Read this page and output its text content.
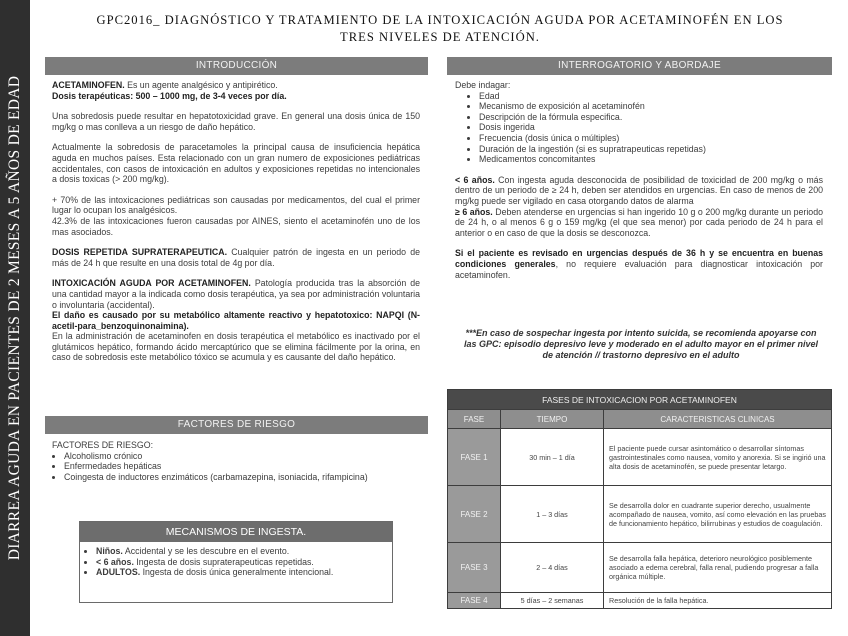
DIARREA AGUDA EN PACIENTES DE 2 MESES A 5 AÑOS DE EDAD
GPC2016_ DIAGNÓSTICO Y TRATAMIENTO DE LA INTOXICACIÓN AGUDA POR ACETAMINOFÉN EN LOS
TRES NIVELES DE ATENCIÓN.
INTRODUCCIÓN

ACETAMINOFEN. Es un agente analgésico y antipirético.
Dosis terapéuticas: 500 – 1000 mg, de 3-4 veces por día.

Una sobredosis puede resultar en hepatotoxicidad grave. En general una dosis única de 150 mg/kg o mas conlleva a un riesgo de daño hepático.

Actualmente la sobredosis de paracetamoles la principal causa de insuficiencia hepática aguda en muchos países. Esta relacionado con un gran numero de exposiciones pediátricas accidentales, con casos de intoxicación en adultos y exposiciones repetidas no intencionales a dosis toxicas (> 200 mg/kg).

+ 70% de las intoxicaciones pediátricas son causadas por medicamentos, del cual el primer lugar lo ocupan los analgésicos.
42.3% de las intoxicaciones fueron causadas por AINES, siento el acetaminofén uno de los mas asociados.

DOSIS REPETIDA SUPRATERAPEUTICA. Cualquier patrón de ingesta en un periodo de más de 24 h que resulte en una dosis total de 4g por día.

INTOXICACIÓN AGUDA POR ACETAMINOFEN. Patología producida tras la absorción de una cantidad mayor a la indicada como dosis terapéutica, ya sea por administración voluntaria o involuntaria (accidental).
El daño es causado por su metabólico altamente reactivo y hepatotoxico: NAPQI (N-acetil-para_benzoquinonaimina).
En la administración de acetaminofen en dosis terapéutica el metabólico es inactivado por el glutámicos hepático, formando ácido mercaptúrico que se elimina fácilmente por la orina, en caso de sobredosis este metabólico tóxico se acumula y es causante del daño hepático.

FACTORES DE RIESGO
FACTORES DE RIESGO:
• Alcoholismo crónico
• Enfermedades hepáticas
• Coingesta de inductores enzimáticos (carbamazepina, isoniacida, rifampicina)
MECANISMOS DE INGESTA.
• Niños. Accidental y se les descubre en el evento.
• < 6 años. Ingesta de dosis supraterapeuticas repetidas.
• ADULTOS. Ingesta de dosis única generalmente intencional.
INTERROGATORIO Y ABORDAJE
Debe indagar:
• Edad
• Mecanismo de exposición al acetaminofén
• Descripción de la fórmula especifica.
• Dosis ingerida
• Frecuencia (dosis única o múltiples)
• Duración de la ingestión (si es supratrapeuticas repetidas)
• Medicamentos concomitantes

< 6 años. Con ingesta aguda desconocida de posibilidad de toxicidad de 200 mg/kg o más dentro de un periodo de ≥ 24 h, deben ser atendidos en urgencias. En caso de menos de 200 mg/kg puede ser vigilado en casa otorgando datos de alarma

≥ 6 años. Deben atenderse en urgencias si han ingerido 10 g o 200 mg/kg durante un periodo de 24 h, o al menos 6 g o 159 mg/kg (el que sea menor) por cada periodo de 24 h para el anterior o en caso de que la dosis se desconozca.

Si el paciente es revisado en urgencias después de 36 h y se encuentra en buenas condiciones generales, no requiere evaluación para diagnosticar intoxicación por acetaminofen.

***En caso de sospechar ingesta por intento suicida, se recomienda apoyarse con las GPC: episodio depresivo leve y moderado en el adulto mayor en el primer nivel de atención // trastorno depresivo en el adulto
FASES DE INTOXICACION POR ACETAMINOFEN		
FASE	TIEMPO	CARACTERISTICAS CLINICAS
FASE 1	30 min – 1 día	El paciente puede cursar asintomático o desarrollar síntomas gastrointestinales como nausea, vomito y anorexia. Si se ingirió una alta dosis de acetaminofén, se puede presentar letargo.
FASE 2	1 – 3 días	Se desarrolla dolor en cuadrante superior derecho, usualmente acompañado de nausea, vomito, así como elevación en las pruebas de funcionamiento hepático, bilirrubinas y estudios de coagulación.
FASE 3	2 – 4 días	Se desarrolla falla hepática, deterioro neurológico posiblemente asociado a edema cerebral, falla renal, pudiendo progresar a falla orgánica múltiple.
FASE 4	5 días – 2 semanas	Resolución de la falla hepática.
